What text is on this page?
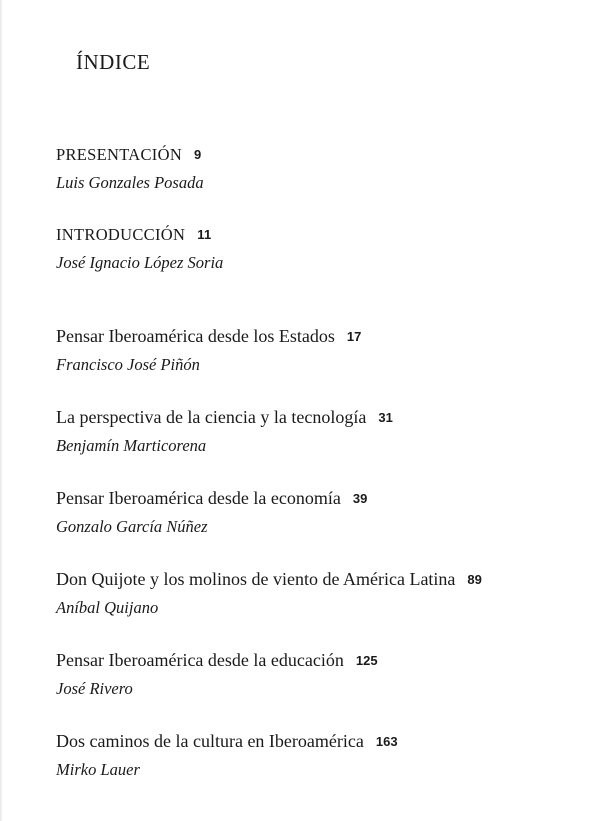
ÍNDICE
PRESENTACIÓN 9
Luis Gonzales Posada
INTRODUCCIÓN 11
José Ignacio López Soria
Pensar Iberoamérica desde los Estados 17
Francisco José Piñón
La perspectiva de la ciencia y la tecnología 31
Benjamín Marticorena
Pensar Iberoamérica desde la economía 39
Gonzalo García Núñez
Don Quijote y los molinos de viento de América Latina 89
Aníbal Quijano
Pensar Iberoamérica desde la educación 125
José Rivero
Dos caminos de la cultura en Iberoamérica 163
Mirko Lauer
